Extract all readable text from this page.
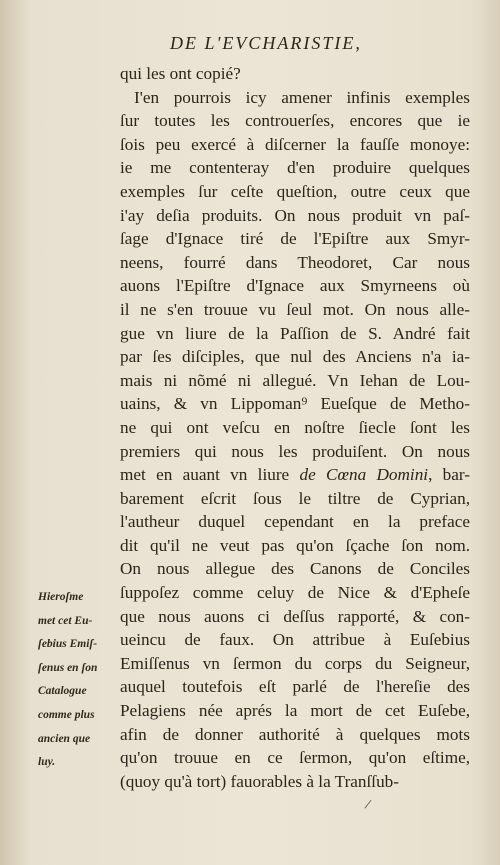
DE L'EVCHARISTIE,
qui les ont copié?
I'en pourrois icy amener infinis exemples
ſur toutes les controuerſes, encores que ie
ſois peu exercé à diſcerner la fauſſe monoye:
ie me contenteray d'en produire quelques
exemples ſur ceſte queſtion, outre ceux que
i'ay deſia produits. On nous produit vn paſ-
ſage d'Ignace tiré de l'Epiſtre aux Smyr-
neens, fourré dans Theodoret, Car nous
auons l'Epiſtre d'Ignace aux Smyrneens où
il ne s'en trouue vu ſeul mot. On nous alle-
gue vn liure de la Paſſion de S. André fait
par ſes diſciples, que nul des Anciens n'a ia-
mais ni nõmé ni allegué. Vn Iehan de Lou-
uains, & vn Lippoman⁹ Eueſque de Metho-
ne qui ont veſcu en noſtre ſiecle ſont les
premiers qui nous les produiſent. On nous
met en auant vn liure de Cœna Domini, bar-
barement eſcrit ſous le tiltre de Cyprian,
l'autheur duquel cependant en la preface
dit qu'il ne veut pas qu'on ſçache ſon nom.
On nous allegue des Canons de Conciles
ſuppoſez comme celuy de Nice & d'Epheſe
que nous auons ci deſſus rapporté, & con-
ueincu de faux. On attribue à Euſebius
Emiſſenus vn ſermon du corps du Seigneur,
auquel toutefois eſt parlé de l'hereſie des
Pelagiens née aprés la mort de cet Euſebe,
afin de donner authorité à quelques mots
qu'on trouue en ce ſermon, qu'on eſtime,
(quoy qu'à tort) fauorables à la Tranſſub-
Hieroſme
met cet Eu-
ſebius Emiſ-
ſenus en ſon
Catalogue
comme plus
ancien que
luy.
/
